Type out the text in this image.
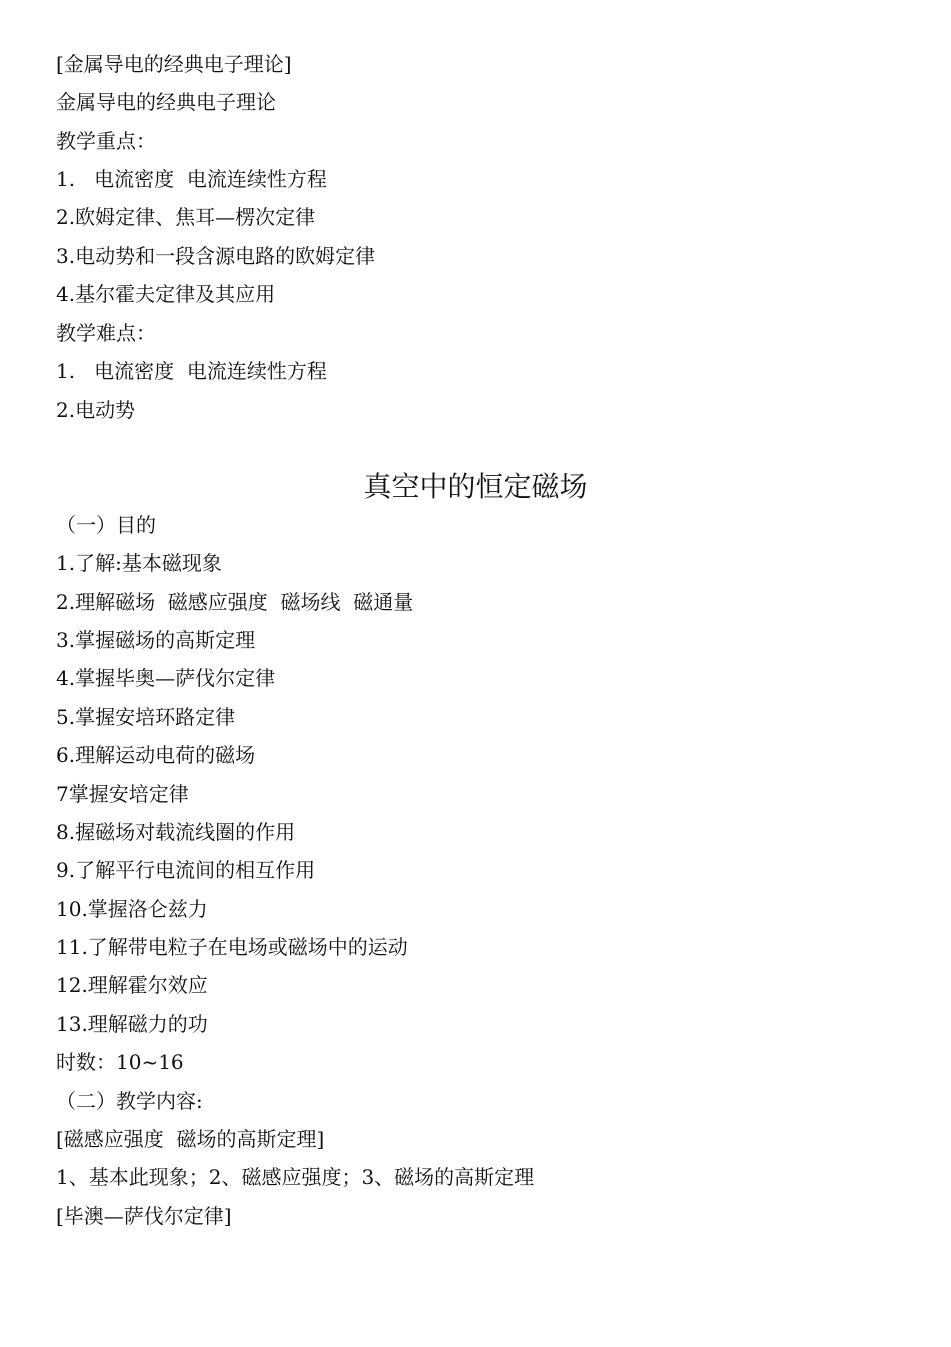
[金属导电的经典电子理论]
金属导电的经典电子理论
教学重点：
1.   电流密度  电流连续性方程
2.欧姆定律、焦耳—楞次定律
3.电动势和一段含源电路的欧姆定律
4.基尔霍夫定律及其应用
教学难点：
1.   电流密度  电流连续性方程
2.电动势
真空中的恒定磁场
（一）目的
1.了解:基本磁现象
2.理解磁场  磁感应强度  磁场线  磁通量
3.掌握磁场的高斯定理
4.掌握毕奥—萨伐尔定律
5.掌握安培环路定律
6.理解运动电荷的磁场
7掌握安培定律
8.握磁场对载流线圈的作用
9.了解平行电流间的相互作用
10.掌握洛仑兹力
11.了解带电粒子在电场或磁场中的运动
12.理解霍尔效应
13.理解磁力的功
时数：10~16
（二）教学内容:
[磁感应强度  磁场的高斯定理]
1、基本此现象；2、磁感应强度；3、磁场的高斯定理
[毕澳—萨伐尔定律]
